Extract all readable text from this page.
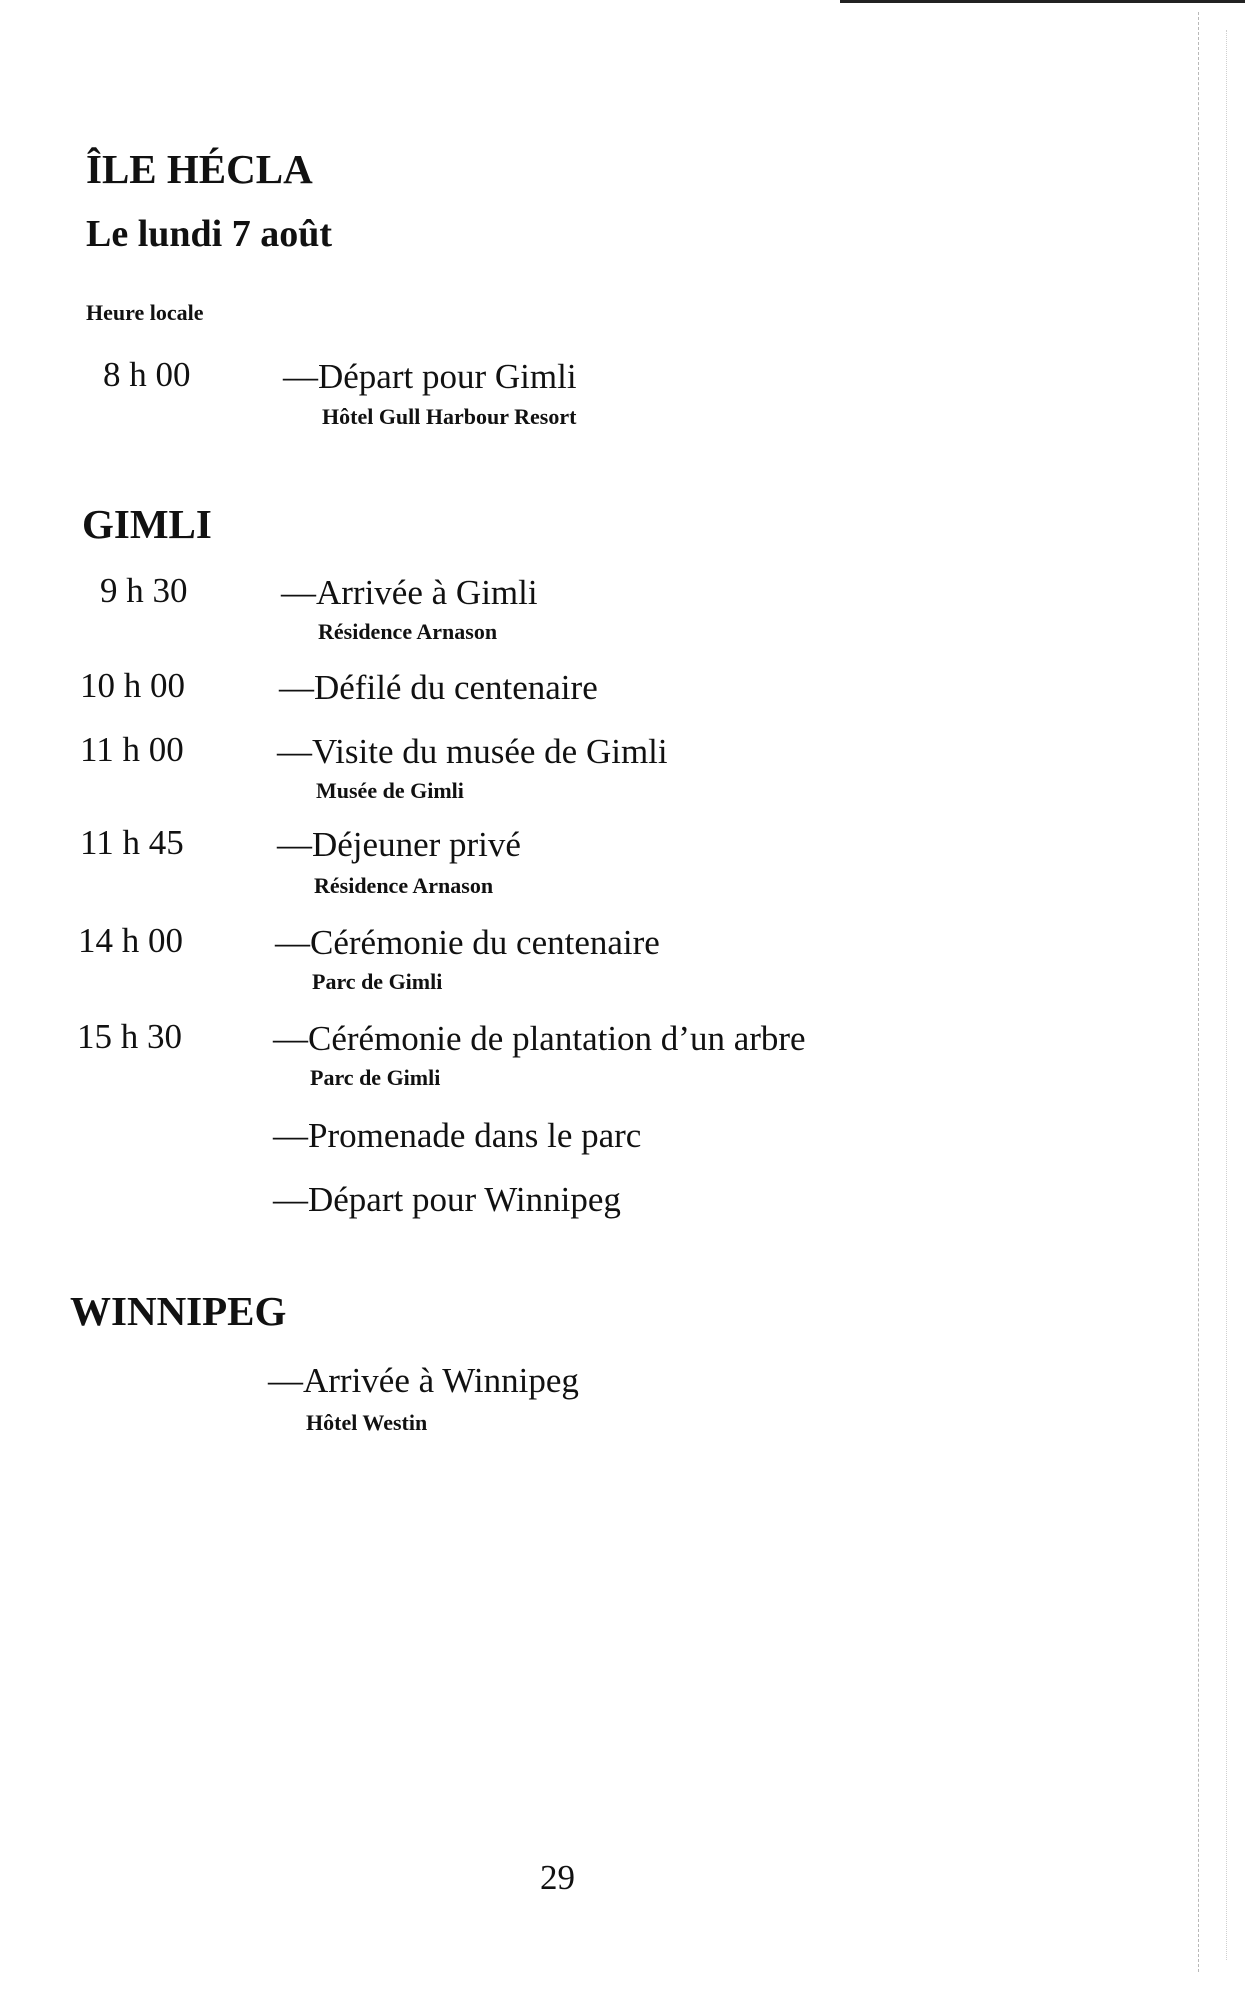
ÎLE HÉCLA
Le lundi 7 août
Heure locale
8 h 00	—Départ pour Gimli
Hôtel Gull Harbour Resort
GIMLI
9 h 30	—Arrivée à Gimli
Résidence Arnason
10 h 00	—Défilé du centenaire
11 h 00	—Visite du musée de Gimli
Musée de Gimli
11 h 45	—Déjeuner privé
Résidence Arnason
14 h 00	—Cérémonie du centenaire
Parc de Gimli
15 h 30	—Cérémonie de plantation d’un arbre
Parc de Gimli
—Promenade dans le parc
—Départ pour Winnipeg
WINNIPEG
—Arrivée à Winnipeg
Hôtel Westin
29
